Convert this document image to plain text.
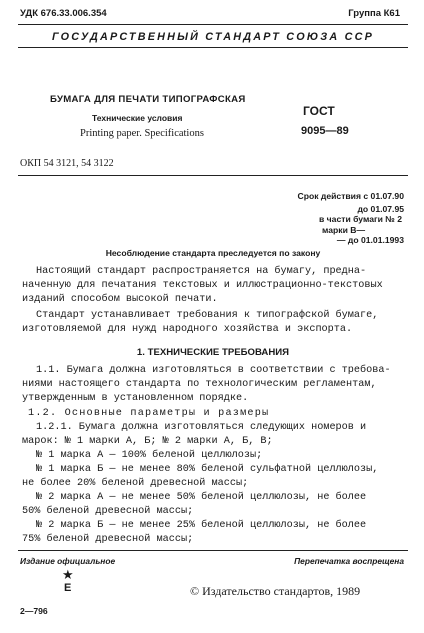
УДК 676.33.006.354	Группа К61
ГОСУДАРСТВЕННЫЙ СТАНДАРТ СОЮЗА ССР
БУМАГА ДЛЯ ПЕЧАТИ ТИПОГРАФСКАЯ
Технические условия
Printing paper. Specifications
ГОСТ
9095—89
ОКП 54 3121, 54 3122
Срок действия с 01.07.90
до 01.07.95
в части бумаги № 2
марки В—
— до 01.01.1993
Несоблюдение стандарта преследуется по закону
Настоящий стандарт распространяется на бумагу, предна-
наченную для печатания текстовых и иллюстрационно-текстовых
изданий способом высокой печати.
Стандарт устанавливает требования к типографской бумаге,
изготовляемой для нужд народного хозяйства и экспорта.
1. ТЕХНИЧЕСКИЕ ТРЕБОВАНИЯ
1.1. Бумага должна изготовляться в соответствии с требова-
ниями настоящего стандарта по технологическим регламентам,
утвержденным в установленном порядке.
1.2. Основные параметры и размеры
1.2.1. Бумага должна изготовляться следующих номеров и
марок: № 1 марки А, Б; № 2 марки А, Б, В;
№ 1 марка А — 100% беленой целлюлозы;
№ 1 марка Б — не менее 80% беленой сульфатной целлюлозы,
не более 20% беленой древесной массы;
№ 2 марка А — не менее 50% беленой целлюлозы, не более
50% беленой древесной массы;
№ 2 марка Б — не менее 25% беленой целлюлозы, не более
75% беленой древесной массы;
Издание официальное	Перепечатка воспрещена
★
E	© Издательство стандартов, 1989
2—796
